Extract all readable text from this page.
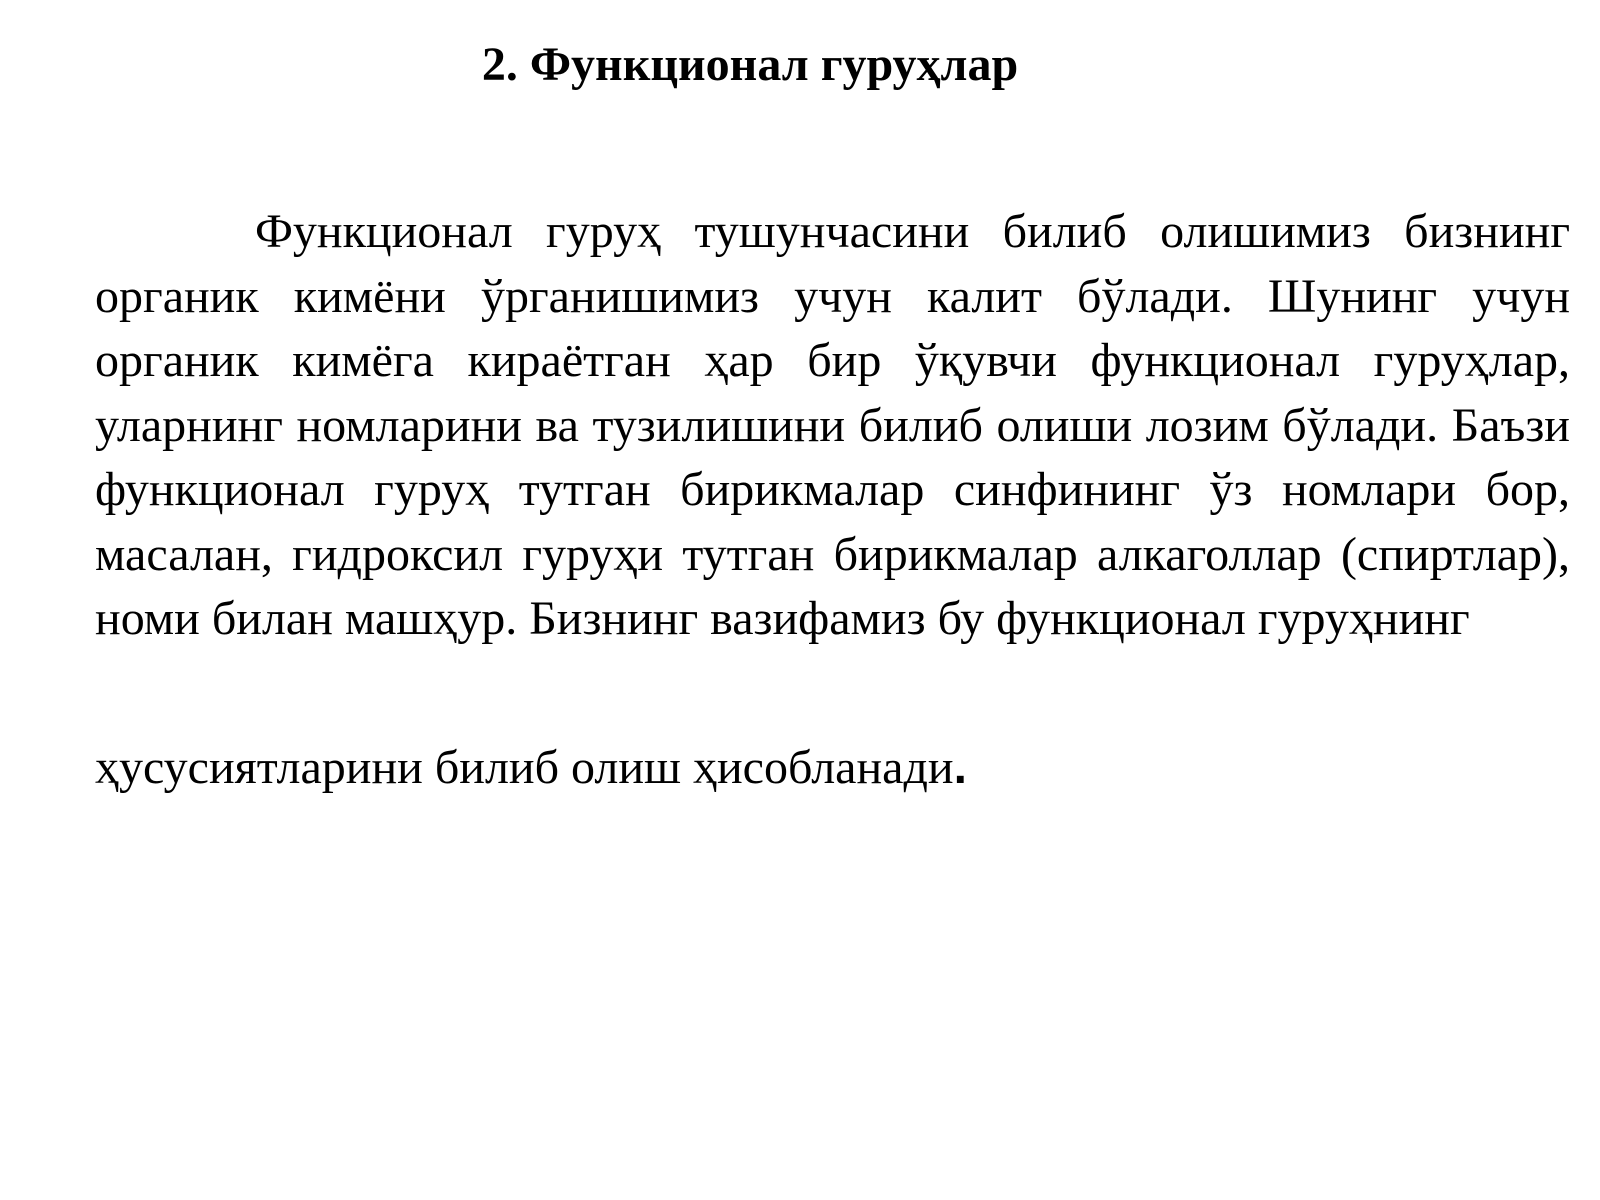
2. Функционал гуруҳлар

Функционал гуруҳ тушунчасини билиб олишимиз бизнинг органик кимёни ўрганишимиз учун калит бўлади. Шунинг учун органик кимёга кираётган ҳар бир ўқувчи функционал гуруҳлар, уларнинг номларини ва тузилишини билиб олиши лозим бўлади. Баъзи функционал гуруҳ тутган бирикмалар синфининг ўз номлари бор, масалан, гидроксил гуруҳи тутган бирикмалар алкаголлар (спиртлар), номи билан машҳур. Бизнинг вазифамиз бу функционал гуруҳнинг

ҳусусиятларини билиб олиш ҳисобланади.
